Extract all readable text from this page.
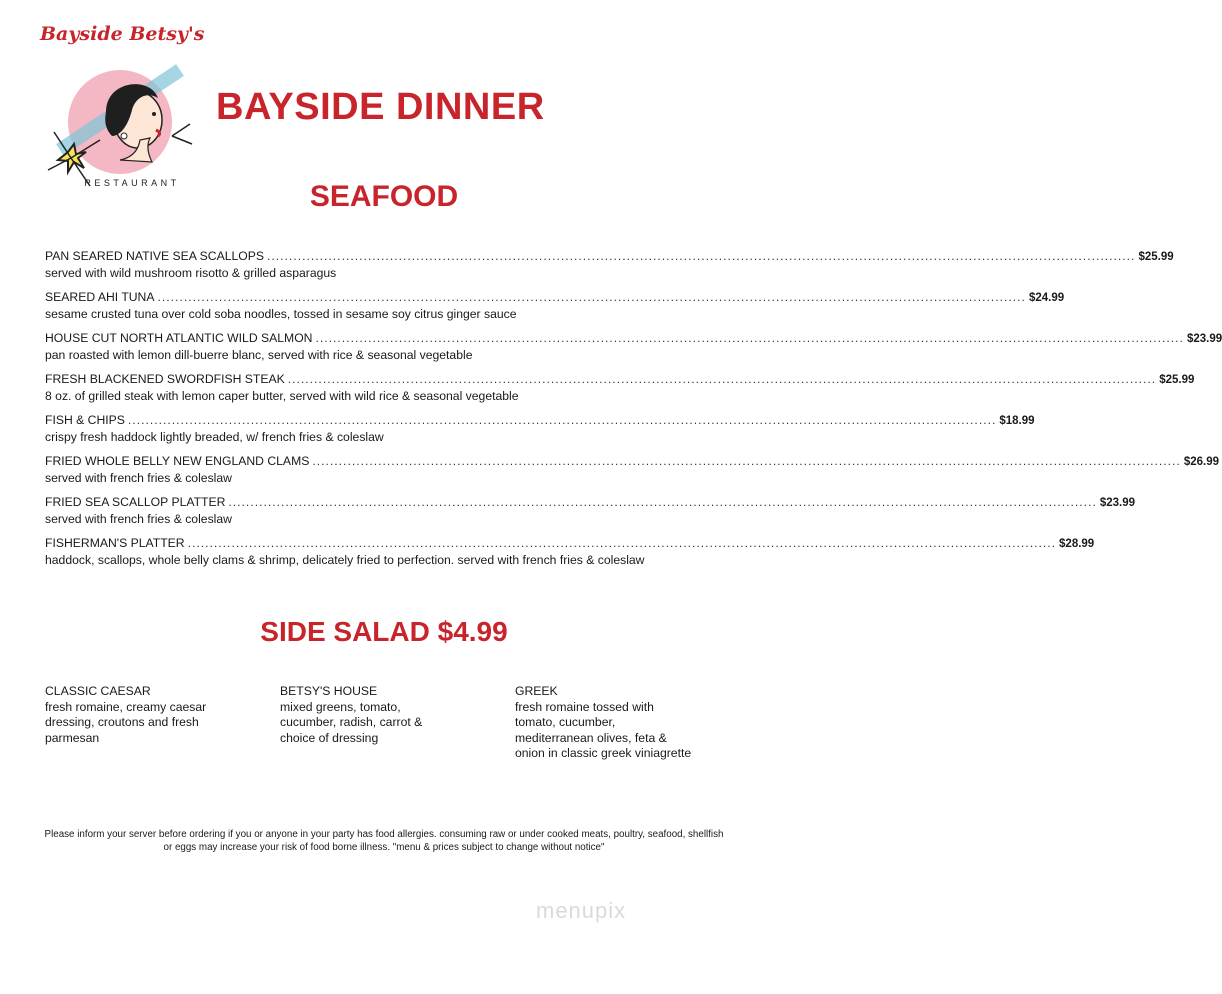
Bayside Betsy's
RESTAURANT
BAYSIDE DINNER
SEAFOOD
PAN SEARED NATIVE SEA SCALLOPS .....	$25.99

served with wild mushroom risotto & grilled asparagus

SEARED AHI TUNA .....	$24.99

sesame crusted tuna over cold soba noodles, tossed in sesame soy citrus ginger sauce

HOUSE CUT NORTH ATLANTIC WILD SALMON .....	$23.99

pan roasted with lemon dill-buerre blanc, served with rice & seasonal vegetable

FRESH BLACKENED SWORDFISH STEAK .....	$25.99

8 oz. of grilled steak with lemon caper butter, served with wild rice & seasonal vegetable

FISH & CHIPS .....	$18.99

crispy fresh haddock lightly breaded, w/ french fries & coleslaw

FRIED WHOLE BELLY NEW ENGLAND CLAMS .....	$26.99

served with french fries & coleslaw

FRIED SEA SCALLOP PLATTER .....	$23.99

served with french fries & coleslaw

FISHERMAN'S PLATTER .....	$28.99

haddock, scallops, whole belly clams & shrimp, delicately fried to perfection. served with french fries & coleslaw

SIDE SALAD $4.99

CLASSIC CAESAR

fresh romaine, creamy caesar dressing, croutons and fresh parmesan

BETSY'S HOUSE

mixed greens, tomato, cucumber, radish, carrot & choice of dressing

GREEK

fresh romaine tossed with tomato, cucumber, mediterranean olives, feta & onion in classic greek viniagrette

Please inform your server before ordering if you or anyone in your party has food allergies. consuming raw or under cooked meats, poultry, seafood, shellfish or eggs may increase your risk of food borne illness. "menu & prices subject to change without notice"

menupix
